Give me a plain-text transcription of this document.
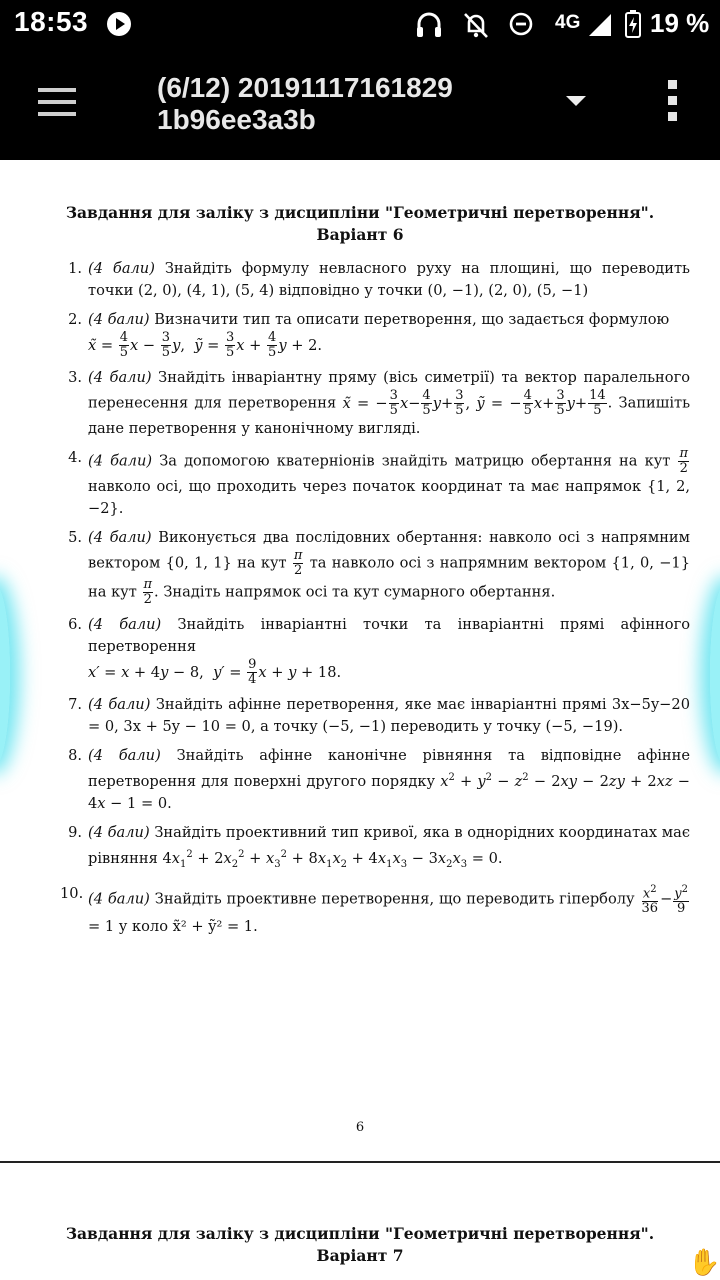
18:53	4G	19 %
(6/12) 20191117161829
1b96ee3a3b
Завдання для заліку з дисципліни "Геометричні перетворення".
Варіант 6
1. (4 бали) Знайдіть формулу невласного руху на площині, що переводить точки (2, 0), (4, 1), (5, 4) відповідно у точки (0, −1), (2, 0), (5, −1)
2. (4 бали) Визначити тип та описати перетворення, що задається формулою
x̃ = $\frac{4}{5}$ $x - \frac{3}{5} y$,  ỹ = $\frac{3}{5}$ $x + \frac{4}{5}$ y + 2.
3. (4 бали) Знайдіть інваріантну пряму (вісь симетрії) та вектор паралельного перенесення для перетворення x̃ = − $\frac{3}{5} x- \frac{4}{5} y+ \frac{3}{5}$ , ỹ = − $\frac{4}{5} x+ \frac{3}{5} y+ \frac{14}{5}$ . Запишіть дане перетворення у канонічному вигляді.
4. (4 бали) За допомогою кватерніонів знайдіть матрицю обертання на кут $\frac{\pi}{2}$
навколо осі, що проходить через початок координат та має напрямок {1, 2, −2}.
5. (4 бали) Виконується два послідовних обертання: навколо осі з напрямним вектором {0, 1, 1} на кут $\frac{\pi}{2}$ та навколо осі з напрямним вектором {1, 0, −1} на кут $\frac{\pi}{2}$ . Знадіть напрямок осі та кут сумарного обертання.
6. (4 бали) Знайдіть інваріантні точки та інваріантні прямі афінного перетворення
x′ = x + 4y − 8,  $y' = \frac{9}{4}$ x + y + 18.
7. (4 бали) Знайдіть афінне перетворення, яке має інваріантні прямі 3x−5y−20 = 0, 3x + 5y − 10 = 0, а точку (−5, −1) переводить у точку (−5, −19).
8. (4 бали) Знайдіть афінне канонічне рівняння та відповідне афінне перетворення для поверхні другого порядку $x^2 + y^2 - z^2 - 2xy - 2zy + 2xz - 4x - 1 = 0$.
9. (4 бали) Знайдіть проективний тип кривої, яка в однорідних координатах має рівняння $4x_1^2 + 2x_2^2 + x_3^2 + 8x_1x_2 + 4x_1x_3 - 3x_2x_3 = 0$.
10. (4 бали) Знайдіть проективне перетворення, що переводить гіперболу $\frac{x^2}{36} - \frac{y^2}{9}$
= 1 у коло x̃² + ỹ² = 1.
6
Завдання для заліку з дисципліни "Геометричні перетворення".
Варіант 7	✋
